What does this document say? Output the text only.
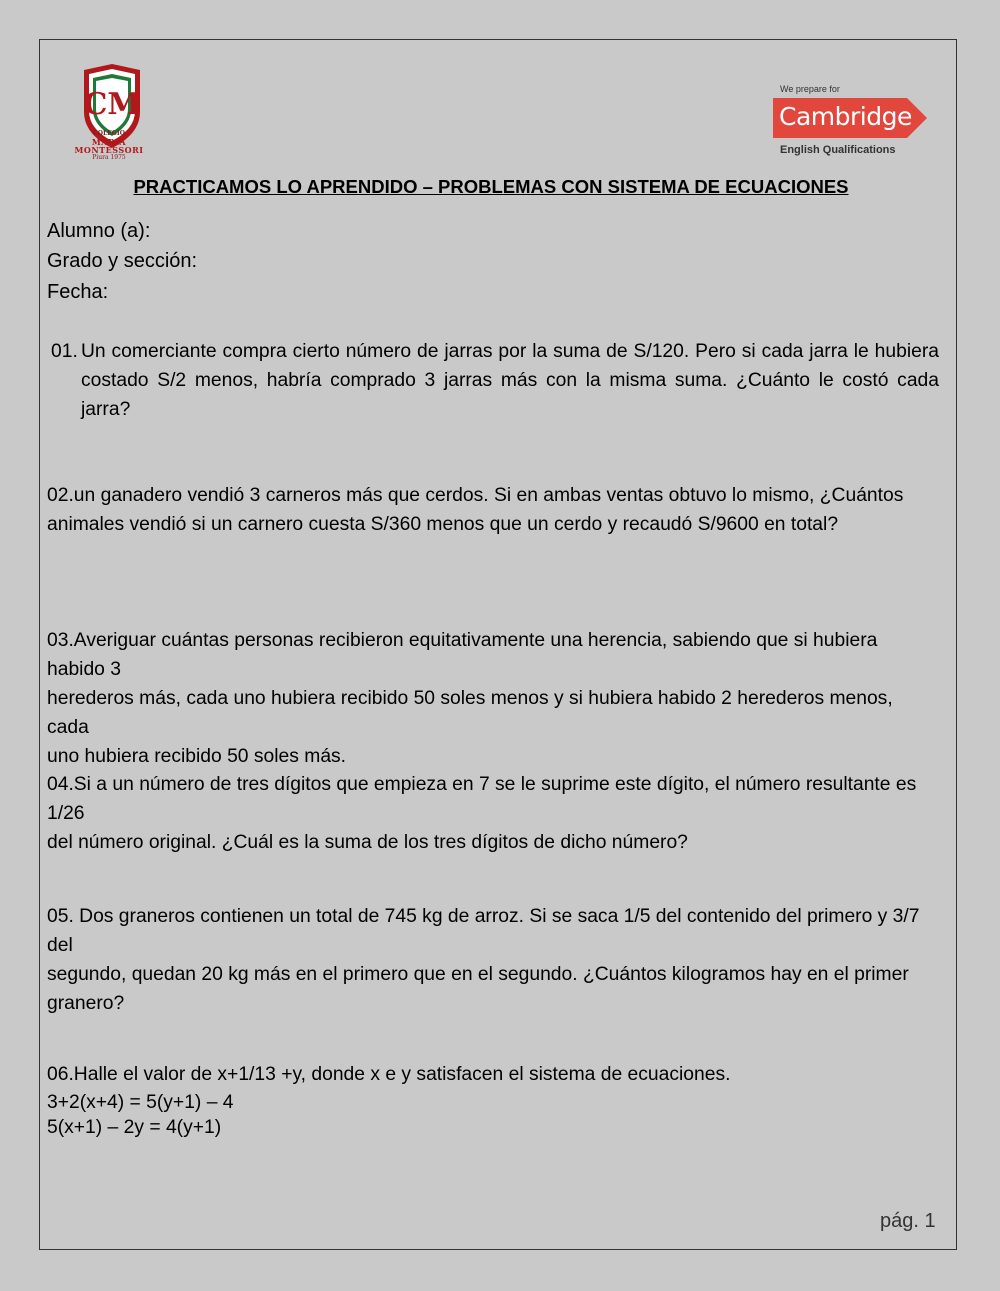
CM
COLEGIO
MARIA
MONTESSORI
Piura 1975
We prepare for
Cambridge
English Qualifications
PRACTICAMOS LO APRENDIDO – PROBLEMAS CON SISTEMA DE ECUACIONES
Alumno (a):
Grado y sección:
Fecha:
01. Un comerciante compra cierto número de jarras por la suma de S/120. Pero si cada jarra le hubiera costado S/2 menos, habría comprado 3 jarras más con la misma suma. ¿Cuánto le costó cada jarra?
02.un ganadero vendió 3 carneros más que cerdos. Si en ambas ventas obtuvo lo mismo, ¿Cuántos
animales vendió si un carnero cuesta S/360 menos que un cerdo y recaudó S/9600 en total?
03.Averiguar cuántas personas recibieron equitativamente una herencia, sabiendo que si hubiera habido 3
herederos más, cada uno hubiera recibido 50 soles menos y si hubiera habido 2 herederos menos, cada
uno hubiera recibido 50 soles más.
04.Si a un número de tres dígitos que empieza en 7 se le suprime este dígito, el número resultante es 1/26
del número original. ¿Cuál es la suma de los tres dígitos de dicho número?
05. Dos graneros contienen un total de 745 kg de arroz. Si se saca 1/5 del contenido del primero y 3/7 del
segundo, quedan 20 kg más en el primero que en el segundo. ¿Cuántos kilogramos hay en el primer
granero?
06.Halle el valor de x+1/13 +y, donde x e y satisfacen el sistema de ecuaciones.
3+2(x+4) = 5(y+1) – 4
5(x+1) – 2y = 4(y+1)
pág. 1
